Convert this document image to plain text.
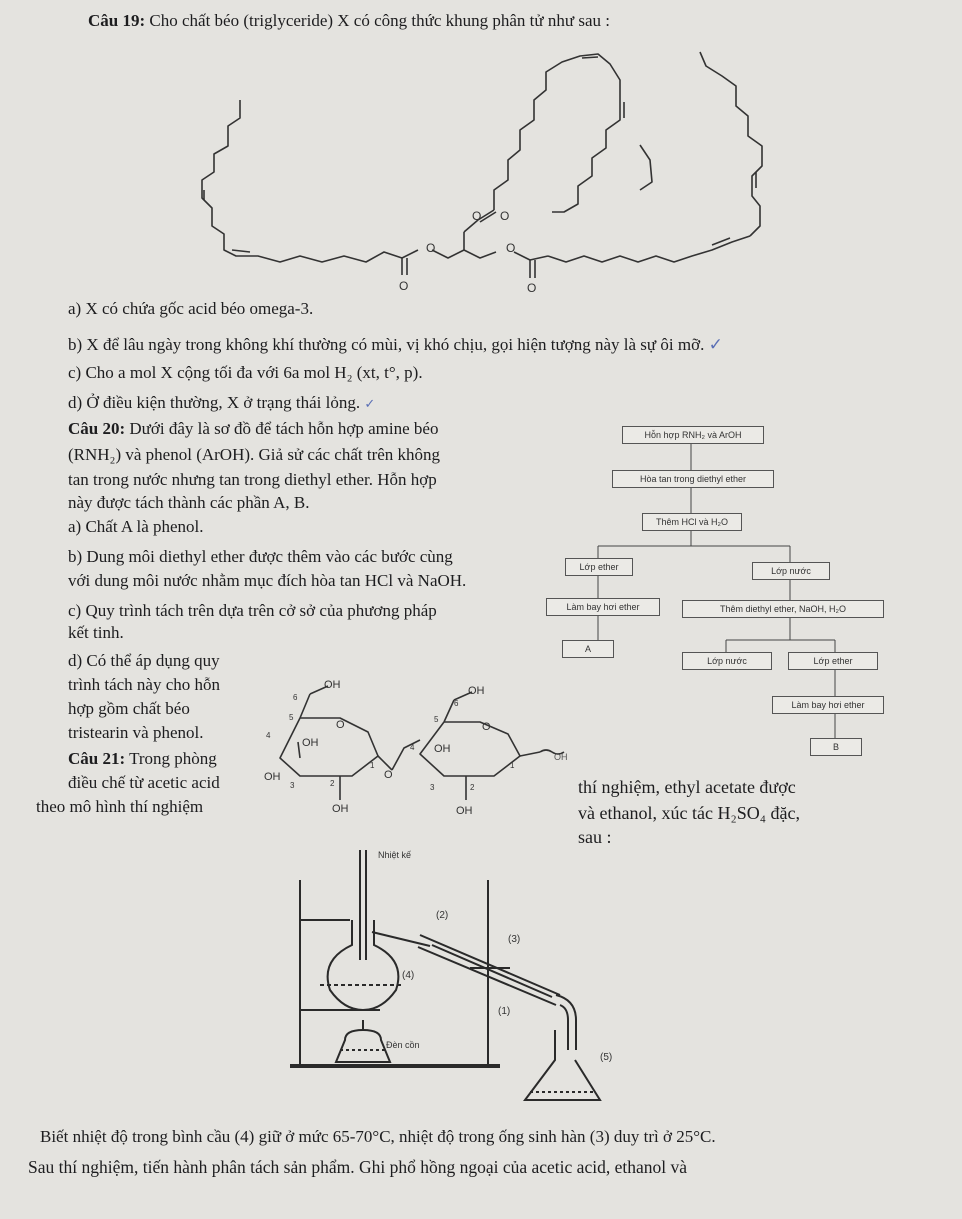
Câu 19: Cho chất béo (triglyceride) X có công thức khung phân tử như sau :
O
O
O O
O
O
a) X có chứa gốc acid béo omega-3.
b) X để lâu ngày trong không khí thường có mùi, vị khó chịu, gọi hiện tượng này là sự ôi mỡ. ✓
c) Cho a mol X cộng tối đa với 6a mol H₂ (xt, t°, p).
d) Ở điều kiện thường, X ở trạng thái lỏng. ✓
Câu 20: Dưới đây là sơ đồ để tách hỗn hợp amine béo
(RNH₂) và phenol (ArOH). Giả sử các chất trên không
tan trong nước nhưng tan trong diethyl ether. Hỗn hợp
này được tách thành các phần A, B.
a) Chất A là phenol.
b) Dung môi diethyl ether được thêm vào các bước cùng
với dung môi nước nhằm mục đích hòa tan HCl và NaOH.
c) Quy trình tách trên dựa trên cở sở của phương pháp
kết tinh.
d) Có thể áp dụng quy
trình tách này cho hỗn
hợp gồm chất béo
tristearin và phenol.
Hỗn hợp RNH₂ và ArOH
Hòa tan trong diethyl ether
Thêm HCl và H₂O
Lớp ether	Lớp nước
Làm bay hơi ether	Thêm diethyl ether, NaOH, H₂O
A
Lớp nước	Lớp ether
Làm bay hơi ether
B
OH	OH
6
5
4
3	2
1
O
OH
OH
OH
O
6
5
4
3	2
1
O
OH
OH
OH
Câu 21: Trong phòng
điều chế từ acetic acid
theo mô hình thí nghiệm
thí nghiệm, ethyl acetate được
và ethanol, xúc tác H₂SO₄ đặc,
sau :
Nhiệt kế
(2)
(3)
(4)
(1)
(5)
Đèn cồn
Biết nhiệt độ trong bình cầu (4) giữ ở mức 65-70°C, nhiệt độ trong ống sinh hàn (3) duy trì ở 25°C.
Sau thí nghiệm, tiến hành phân tách sản phẩm. Ghi phổ hồng ngoại của acetic acid, ethanol và
